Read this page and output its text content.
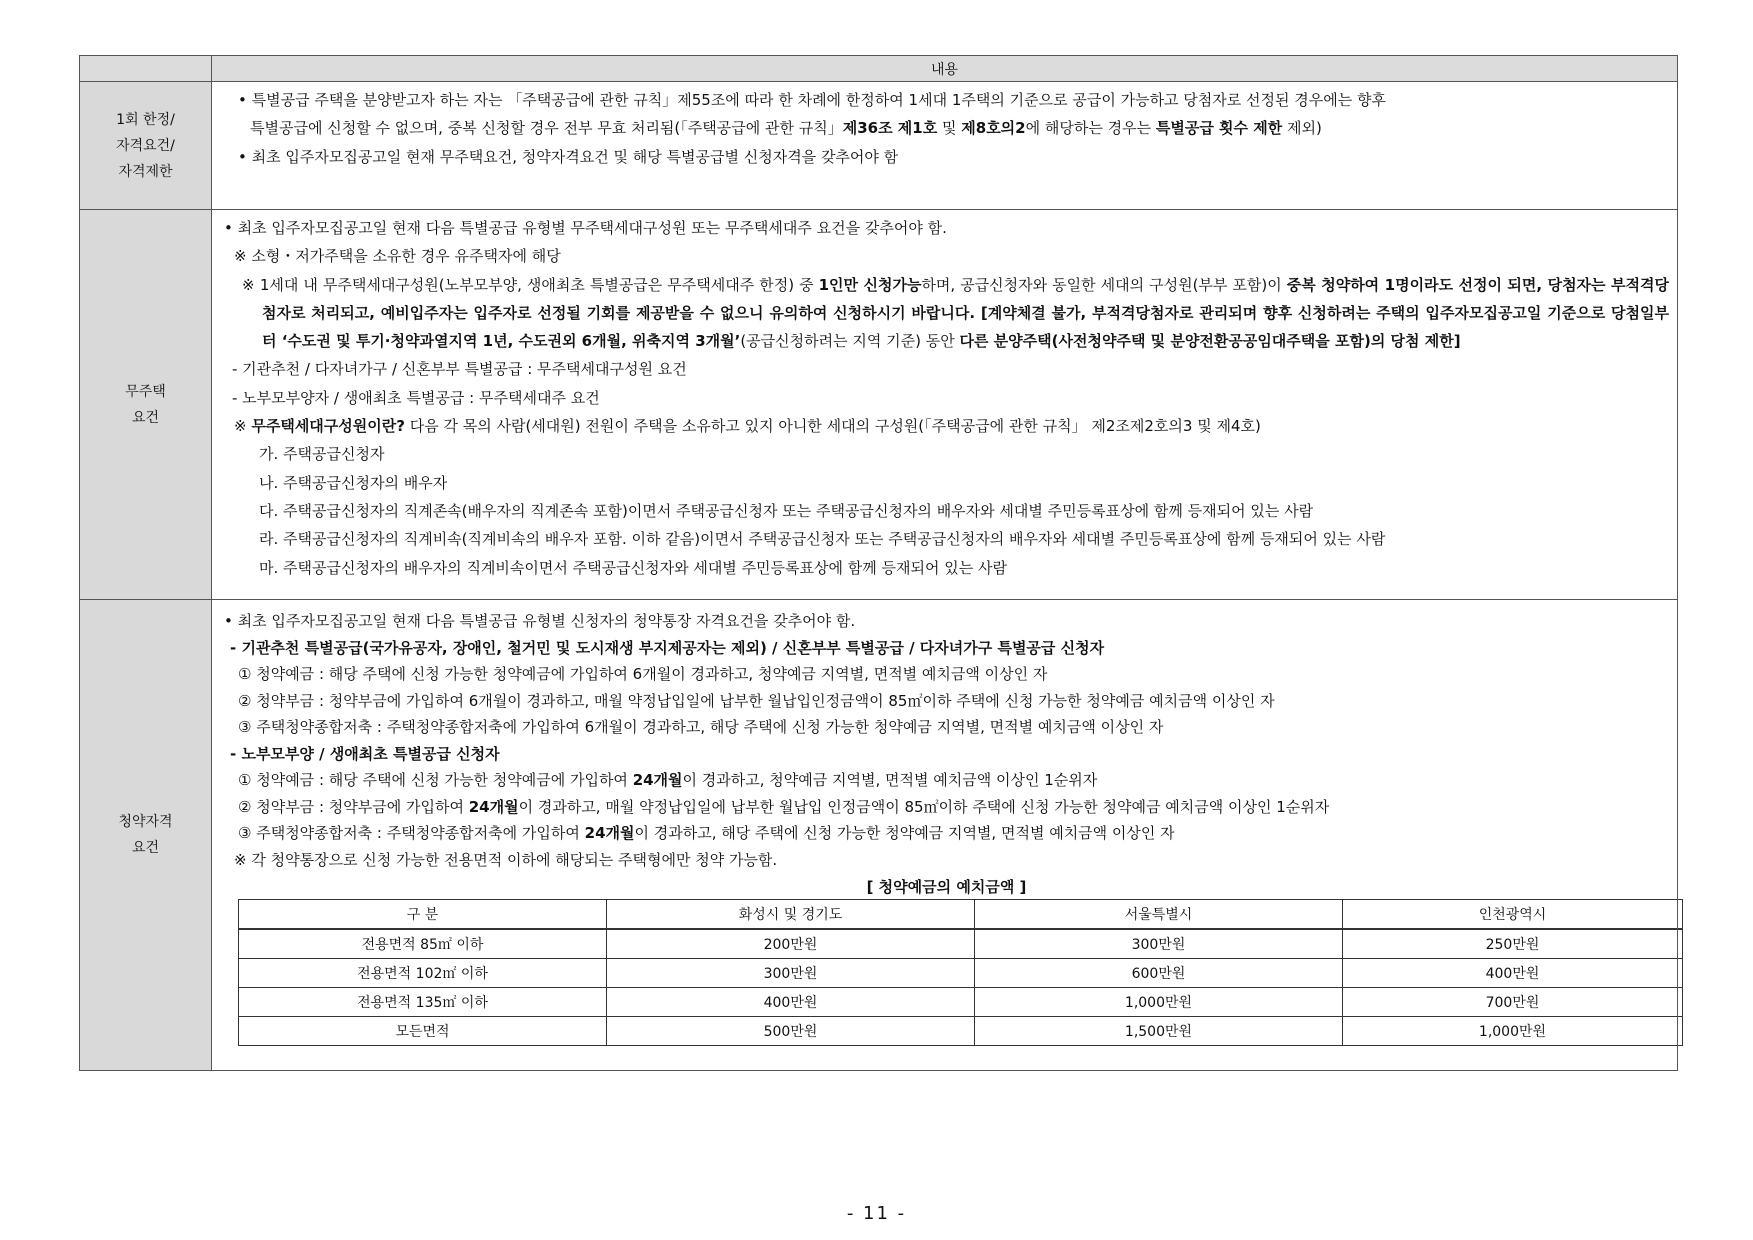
	내용

1회 한정/
자격요건/
자격제한

• 특별공급 주택을 분양받고자 하는 자는 「주택공급에 관한 규칙」제55조에 따라 한 차례에 한정하여 1세대 1주택의 기준으로 공급이 가능하고 당첨자로 선정된 경우에는 향후
특별공급에 신청할 수 없으며, 중복 신청할 경우 전부 무효 처리됨(「주택공급에 관한 규칙」제36조 제1호 및 제8호의2에 해당하는 경우는 특별공급 횟수 제한 제외)
• 최초 입주자모집공고일 현재 무주택요건, 청약자격요건 및 해당 특별공급별 신청자격을 갖추어야 함

무주택
요건

• 최초 입주자모집공고일 현재 다음 특별공급 유형별 무주택세대구성원 또는 무주택세대주 요건을 갖추어야 함.
※ 소형・저가주택을 소유한 경우 유주택자에 해당
※ 1세대 내 무주택세대구성원(노부모부양, 생애최초 특별공급은 무주택세대주 한정) 중 1인만 신청가능하며, 공급신청자와 동일한 세대의 구성원(부부 포함)이 중복 청약하여 1명이라도 선정이 되면, 당첨자는 부적격당첨자로 처리되고, 예비입주자는 입주자로 선정될 기회를 제공받을 수 없으니 유의하여 신청하시기 바랍니다. [계약체결 불가, 부적격당첨자로 관리되며 향후 신청하려는 주택의 입주자모집공고일 기준으로 당첨일부터 ‘수도권 및 투기·청약과열지역 1년, 수도권외 6개월, 위축지역 3개월’(공급신청하려는 지역 기준) 동안 다른 분양주택(사전청약주택 및 분양전환공공임대주택을 포함)의 당첨 제한]
- 기관추천 / 다자녀가구 / 신혼부부 특별공급 : 무주택세대구성원 요건
- 노부모부양자 / 생애최초 특별공급 : 무주택세대주 요건
※ 무주택세대구성원이란? 다음 각 목의 사람(세대원) 전원이 주택을 소유하고 있지 아니한 세대의 구성원(「주택공급에 관한 규칙」 제2조제2호의3 및 제4호)
가. 주택공급신청자
나. 주택공급신청자의 배우자
다. 주택공급신청자의 직계존속(배우자의 직계존속 포함)이면서 주택공급신청자 또는 주택공급신청자의 배우자와 세대별 주민등록표상에 함께 등재되어 있는 사람
라. 주택공급신청자의 직계비속(직계비속의 배우자 포함. 이하 같음)이면서 주택공급신청자 또는 주택공급신청자의 배우자와 세대별 주민등록표상에 함께 등재되어 있는 사람
마. 주택공급신청자의 배우자의 직계비속이면서 주택공급신청자와 세대별 주민등록표상에 함께 등재되어 있는 사람

청약자격
요건

• 최초 입주자모집공고일 현재 다음 특별공급 유형별 신청자의 청약통장 자격요건을 갖추어야 함.
- 기관추천 특별공급(국가유공자, 장애인, 철거민 및 도시재생 부지제공자는 제외) / 신혼부부 특별공급 / 다자녀가구 특별공급 신청자
① 청약예금 : 해당 주택에 신청 가능한 청약예금에 가입하여 6개월이 경과하고, 청약예금 지역별, 면적별 예치금액 이상인 자
② 청약부금 : 청약부금에 가입하여 6개월이 경과하고, 매월 약정납입일에 납부한 월납입인정금액이 85㎡이하 주택에 신청 가능한 청약예금 예치금액 이상인 자
③ 주택청약종합저축 : 주택청약종합저축에 가입하여 6개월이 경과하고, 해당 주택에 신청 가능한 청약예금 지역별, 면적별 예치금액 이상인 자
- 노부모부양 / 생애최초 특별공급 신청자
① 청약예금 : 해당 주택에 신청 가능한 청약예금에 가입하여 24개월이 경과하고, 청약예금 지역별, 면적별 예치금액 이상인 1순위자
② 청약부금 : 청약부금에 가입하여 24개월이 경과하고, 매월 약정납입일에 납부한 월납입 인정금액이 85㎡이하 주택에 신청 가능한 청약예금 예치금액 이상인 1순위자
③ 주택청약종합저축 : 주택청약종합저축에 가입하여 24개월이 경과하고, 해당 주택에 신청 가능한 청약예금 지역별, 면적별 예치금액 이상인 자
※ 각 청약통장으로 신청 가능한 전용면적 이하에 해당되는 주택형에만 청약 가능함.
[ 청약예금의 예치금액 ]
구 분	화성시 및 경기도	서울특별시	인천광역시
전용면적 85㎡ 이하	200만원	300만원	250만원
전용면적 102㎡ 이하	300만원	600만원	400만원
전용면적 135㎡ 이하	400만원	1,000만원	700만원
모든면적	500만원	1,500만원	1,000만원
- 11 -
